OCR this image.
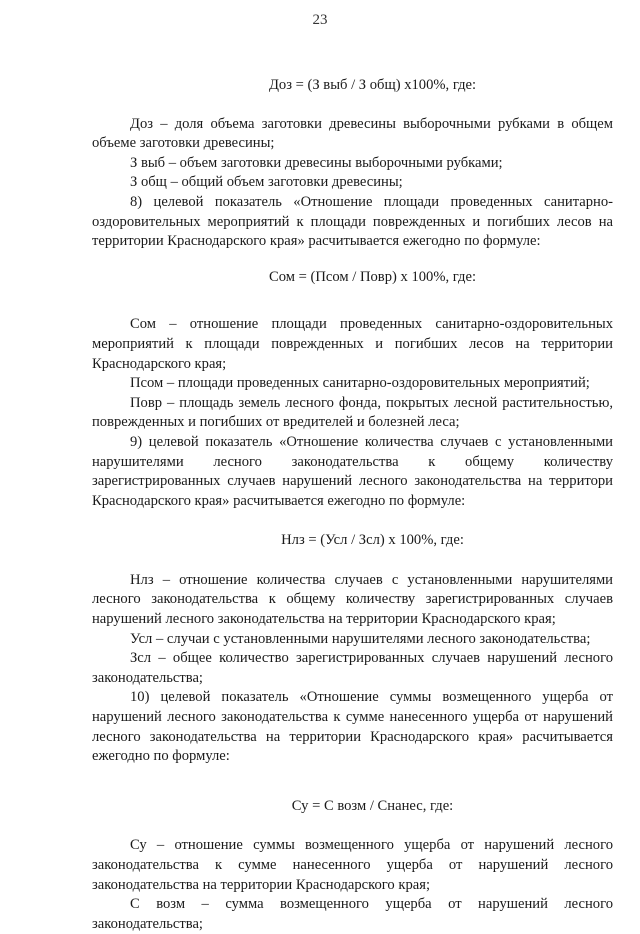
23

Доз = (З выб / З общ) х100%, где:

Доз – доля объема заготовки древесины выборочными рубками в общем объеме заготовки древесины;

З выб – объем заготовки древесины выборочными рубками;

З общ – общий объем заготовки древесины;

8) целевой показатель «Отношение площади проведенных санитарно-оздоровительных мероприятий к площади поврежденных и погибших лесов на территории Краснодарского края» расчитывается ежегодно по формуле:

Сом = (Псом / Повр) х 100%, где:

Сом – отношение площади проведенных санитарно-оздоровительных мероприятий к площади поврежденных и погибших лесов на территории Краснодарского края;

Псом – площади проведенных санитарно-оздоровительных мероприятий;

Повр – площадь земель лесного фонда, покрытых лесной растительностью, поврежденных и погибших от вредителей и болезней леса;

9) целевой показатель «Отношение количества случаев с установленными нарушителями лесного законодательства к общему количеству зарегистрированных случаев нарушений лесного законодательства на территори Краснодарского края» расчитывается ежегодно по формуле:

Нлз = (Усл / Зсл) х 100%, где:

Нлз – отношение количества случаев с установленными нарушителями лесного законодательства к общему количеству зарегистрированных случаев нарушений лесного законодательства на территории Краснодарского края;

Усл – случаи с установленными нарушителями лесного законодательства;

Зсл – общее количество зарегистрированных случаев нарушений лесного законодательства;

10) целевой показатель «Отношение суммы возмещенного ущерба от нарушений лесного законодательства к сумме нанесенного ущерба от нарушений лесного законодательства на территории Краснодарского края» расчитывается ежегодно по формуле:

Су = С возм / Снанес, где:

Су – отношение суммы возмещенного ущерба от нарушений лесного законодательства к сумме нанесенного ущерба от нарушений лесного законодательства на территории Краснодарского края;

С возм – сумма возмещенного ущерба от нарушений лесного законодательства;
